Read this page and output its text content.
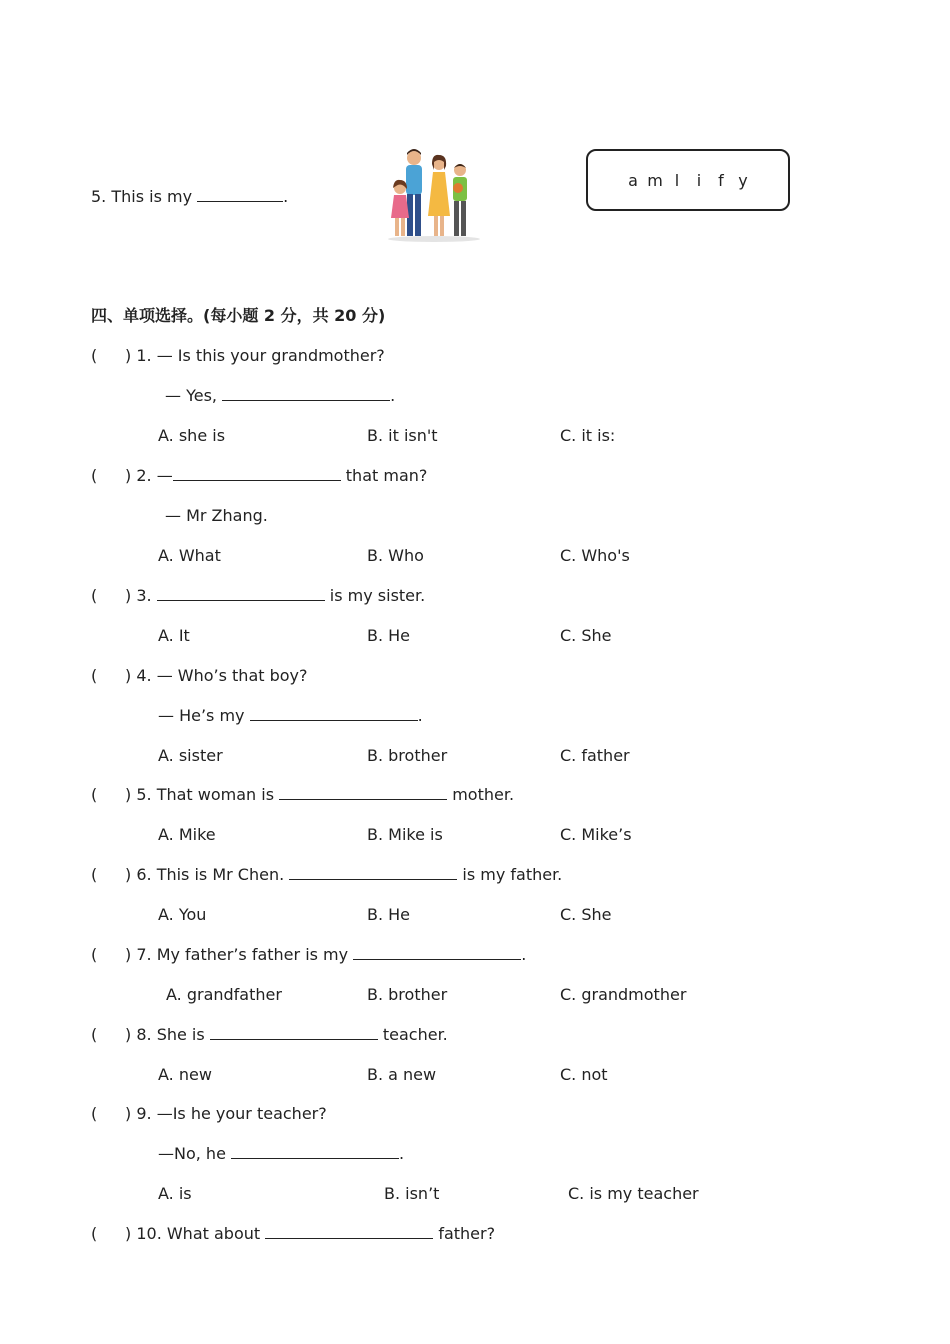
5. This is my	.
a m l	i	f y
四、单项选择。(每小题 2 分，共 20 分)
( ) 1. — Is this your grandmother?
— Yes,	.
A. she is	B. it isn't	C. it is:
( ) 2. —	that man?
— Mr Zhang.
A. What	B. Who	C. Who's
( ) 3.	is my sister.
A. It	B. He	C. She
( ) 4. — Who’s that boy?
— He’s my	.
A. sister	B. brother	C. father
( ) 5. That woman is	mother.
A. Mike	B. Mike is	C. Mike’s
( ) 6. This is Mr Chen.	is my father.
A. You	B. He	C. She
( ) 7. My father’s father is my	.
A. grandfather	B. brother	C. grandmother
( ) 8. She is	teacher.
A. new	B. a new	C. not
( ) 9. —Is he your teacher?
—No, he	.
A. is	B. isn’t	C. is my teacher
( ) 10. What about	father?
